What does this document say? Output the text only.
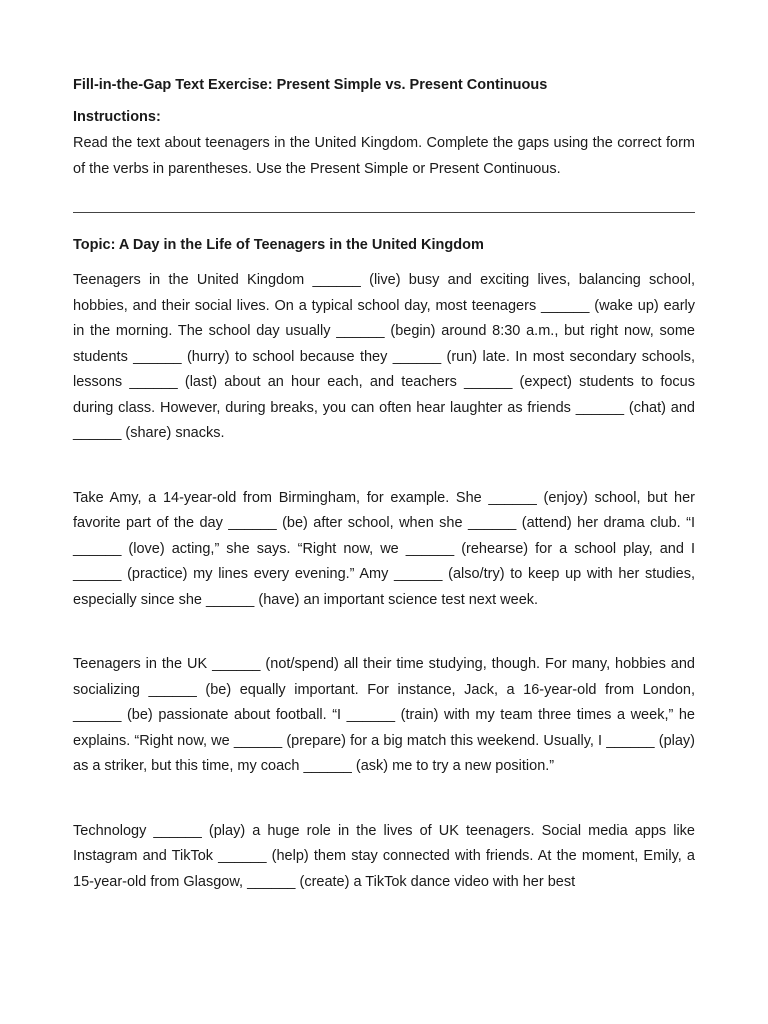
Fill-in-the-Gap Text Exercise: Present Simple vs. Present Continuous

Instructions:

Read the text about teenagers in the United Kingdom. Complete the gaps using the correct form of the verbs in parentheses. Use the Present Simple or Present Continuous.

Topic: A Day in the Life of Teenagers in the United Kingdom

Teenagers in the United Kingdom ______ (live) busy and exciting lives, balancing school, hobbies, and their social lives. On a typical school day, most teenagers ______ (wake up) early in the morning. The school day usually ______ (begin) around 8:30 a.m., but right now, some students ______ (hurry) to school because they ______ (run) late. In most secondary schools, lessons ______ (last) about an hour each, and teachers ______ (expect) students to focus during class. However, during breaks, you can often hear laughter as friends ______ (chat) and ______ (share) snacks.

Take Amy, a 14-year-old from Birmingham, for example. She ______ (enjoy) school, but her favorite part of the day ______ (be) after school, when she ______ (attend) her drama club. “I ______ (love) acting,” she says. “Right now, we ______ (rehearse) for a school play, and I ______ (practice) my lines every evening.” Amy ______ (also/try) to keep up with her studies, especially since she ______ (have) an important science test next week.

Teenagers in the UK ______ (not/spend) all their time studying, though. For many, hobbies and socializing ______ (be) equally important. For instance, Jack, a 16-year-old from London, ______ (be) passionate about football. “I ______ (train) with my team three times a week,” he explains. “Right now, we ______ (prepare) for a big match this weekend. Usually, I ______ (play) as a striker, but this time, my coach ______ (ask) me to try a new position.”

Technology ______ (play) a huge role in the lives of UK teenagers. Social media apps like Instagram and TikTok ______ (help) them stay connected with friends. At the moment, Emily, a 15-year-old from Glasgow, ______ (create) a TikTok dance video with her best
